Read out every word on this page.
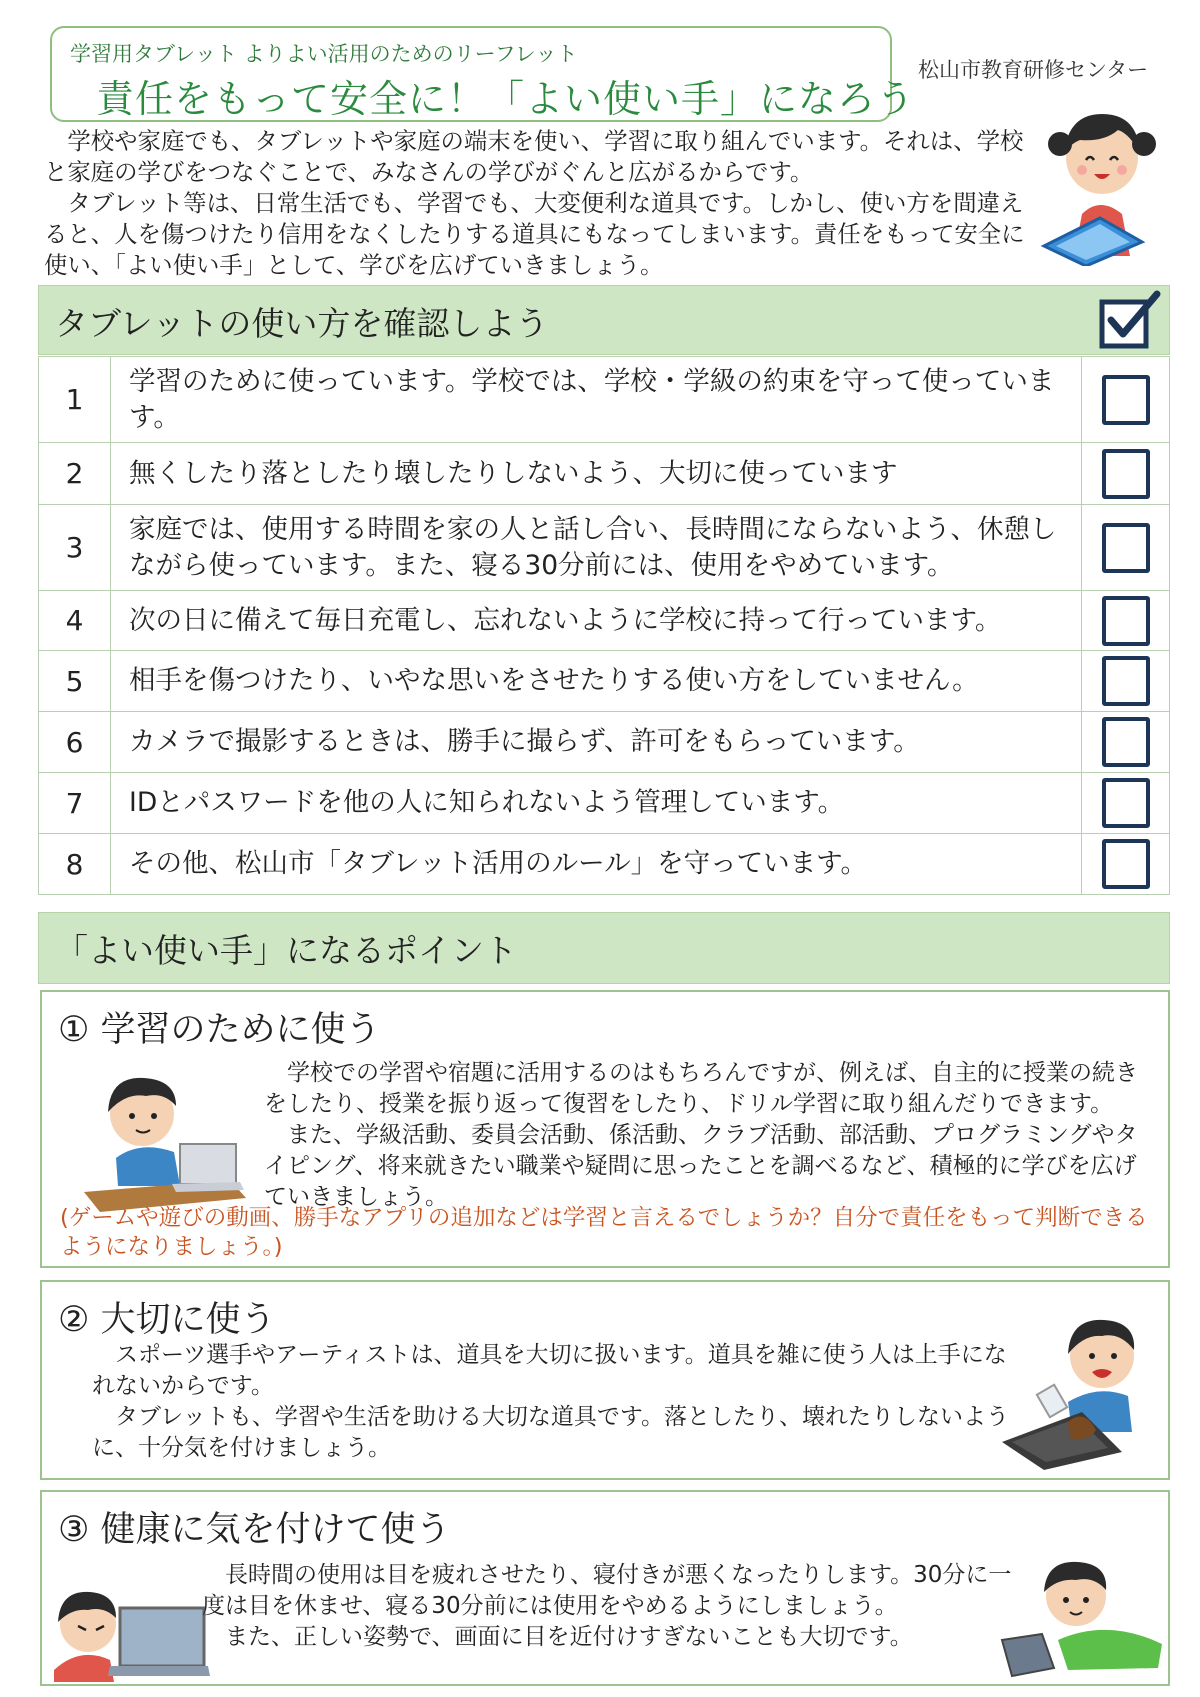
学習用タブレット よりよい活用のためのリーフレット
責任をもって安全に！「よい使い手」になろう
松山市教育研修センター

学校や家庭でも、タブレットや家庭の端末を使い、学習に取り組んでいます。それは、学校と家庭の学びをつなぐことで、みなさんの学びがぐんと広がるからです。

タブレット等は、日常生活でも、学習でも、大変便利な道具です。しかし、使い方を間違えると、人を傷つけたり信用をなくしたりする道具にもなってしまいます。責任をもって安全に使い、「よい使い手」として、学びを広げていきましょう。

タブレットの使い方を確認しよう
1	学習のために使っています。学校では、学校・学級の約束を守って使っています。	
2	無くしたり落としたり壊したりしないよう、大切に使っています	
3	家庭では、使用する時間を家の人と話し合い、長時間にならないよう、休憩しながら使っています。また、寝る30分前には、使用をやめています。	
4	次の日に備えて毎日充電し、忘れないように学校に持って行っています。	
5	相手を傷つけたり、いやな思いをさせたりする使い方をしていません。	
6	カメラで撮影するときは、勝手に撮らず、許可をもらっています。	
7	IDとパスワードを他の人に知られないよう管理しています。	
8	その他、松山市「タブレット活用のルール」を守っています。	
「よい使い手」になるポイント
① 学習のために使う

学校での学習や宿題に活用するのはもちろんですが、例えば、自主的に授業の続きをしたり、授業を振り返って復習をしたり、ドリル学習に取り組んだりできます。

また、学級活動、委員会活動、係活動、クラブ活動、部活動、プログラミングやタイピング、将来就きたい職業や疑問に思ったことを調べるなど、積極的に学びを広げていきましょう。

(ゲームや遊びの動画、勝手なアプリの追加などは学習と言えるでしょうか？自分で責任をもって判断できるようになりましょう。)
② 大切に使う

スポーツ選手やアーティストは、道具を大切に扱います。道具を雑に使う人は上手になれないからです。

タブレットも、学習や生活を助ける大切な道具です。落としたり、壊れたりしないように、十分気を付けましょう。

③ 健康に気を付けて使う

長時間の使用は目を疲れさせたり、寝付きが悪くなったりします。30分に一度は目を休ませ、寝る30分前には使用をやめるようにしましょう。

また、正しい姿勢で、画面に目を近付けすぎないことも大切です。
